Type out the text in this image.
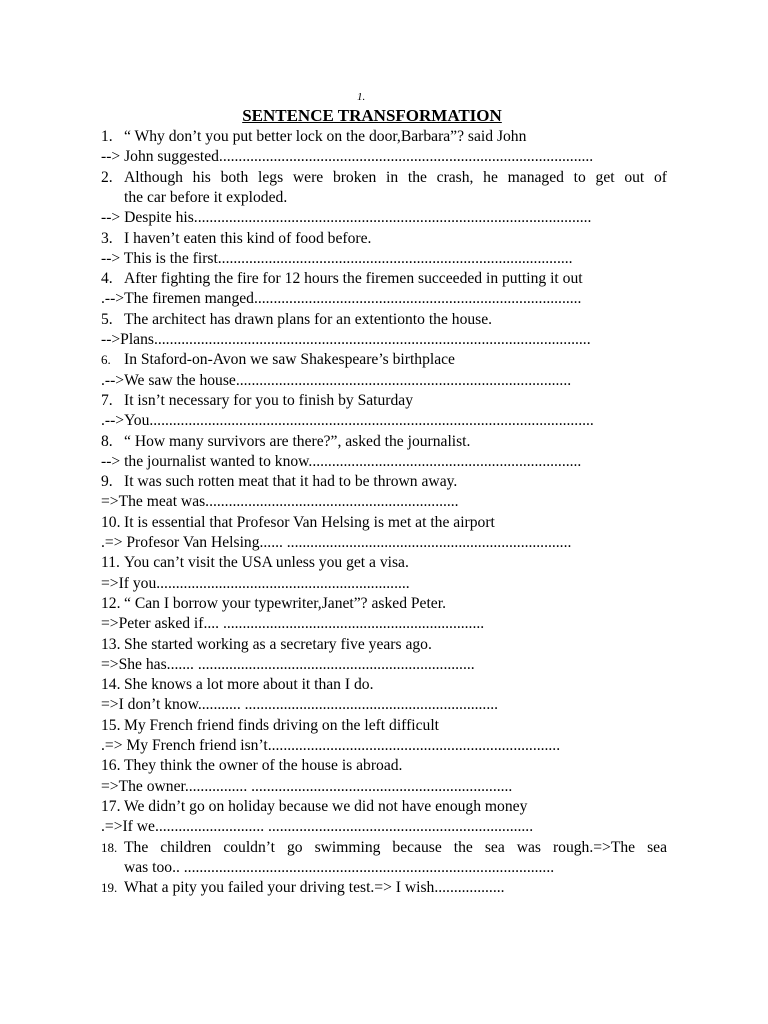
1.
SENTENCE TRANSFORMATION
1. “ Why don’t you put better lock on the door,Barbara”? said John
--> John suggested................................................................................................
2. Although his both legs were broken in the crash, he managed to get out of
the car before it exploded.
--> Despite his......................................................................................................
3. I haven’t eaten this kind of food before.
--> This is the first...........................................................................................
4. After fighting the fire for 12 hours the firemen succeeded in putting it out
.-->The firemen manged....................................................................................
5. The architect has drawn plans for an extentionto the house.
-->Plans................................................................................................................
6. In Staford-on-Avon we saw Shakespeare’s birthplace
.-->We saw the house......................................................................................
7. It isn’t necessary for you to finish by Saturday
.-->You..................................................................................................................
8. “ How many survivors are there?”, asked the journalist.
--> the journalist wanted to know......................................................................
9. It was such rotten meat that it had to be thrown away.
=>The meat was.................................................................
10. It is essential that Profesor Van Helsing is met at the airport
.=> Profesor Van Helsing...... .........................................................................
11. You can’t visit the USA unless you get a visa.
=>If you.................................................................
12. “ Can I borrow your typewriter,Janet”? asked Peter.
=>Peter asked if.... ...................................................................
13. She started working as a secretary five years ago.
=>She has....... .......................................................................
14. She knows a lot more about it than I do.
=>I don’t know........... .................................................................
15. My French friend finds driving on the left difficult
.=> My French friend isn’t...........................................................................
16. They think the owner of the house is abroad.
=>The owner................ ...................................................................
17. We didn’t go on holiday because we did not have enough money
.=>If we............................ ....................................................................
18. The children couldn’t go swimming because the sea was rough.=>The sea
was too.. ...............................................................................................
19. What a pity you failed your driving test.=> I wish..................
